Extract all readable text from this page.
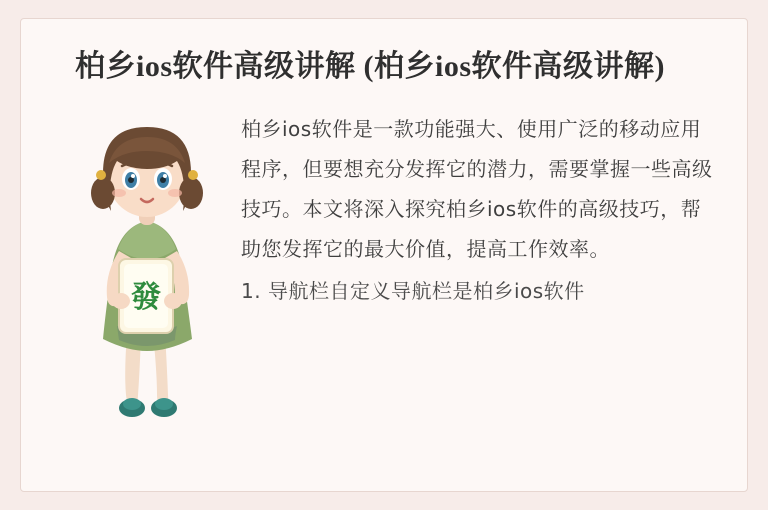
柏乡ios软件高级讲解 (柏乡ios软件高级讲解)
發

柏乡ios软件是一款功能强大、使用广泛的移动应用程序，但要想充分发挥它的潜力，需要掌握一些高级技巧。本文将深入探究柏乡ios软件的高级技巧，帮助您发挥它的最大价值，提高工作效率。

1. 导航栏自定义导航栏是柏乡ios软件
